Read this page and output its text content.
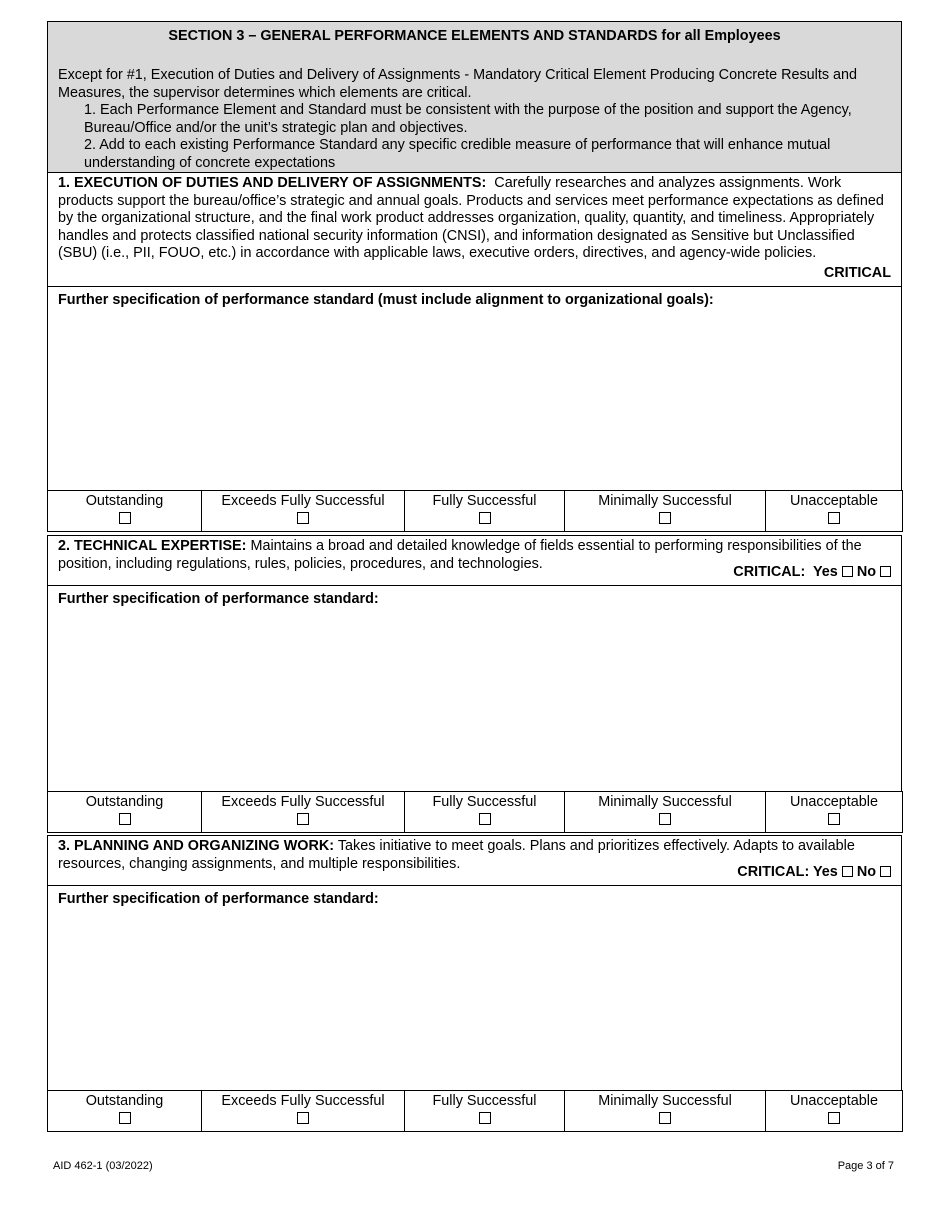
SECTION 3 – GENERAL PERFORMANCE ELEMENTS AND STANDARDS for all Employees
Except for #1, Execution of Duties and Delivery of Assignments - Mandatory Critical Element Producing Concrete Results and Measures, the supervisor determines which elements are critical.
1. Each Performance Element and Standard must be consistent with the purpose of the position and support the Agency, Bureau/Office and/or the unit’s strategic plan and objectives.
2. Add to each existing Performance Standard any specific credible measure of performance that will enhance mutual understanding of concrete expectations
1. EXECUTION OF DUTIES AND DELIVERY OF ASSIGNMENTS: Carefully researches and analyzes assignments. Work products support the bureau/office’s strategic and annual goals. Products and services meet performance expectations as defined by the organizational structure, and the final work product addresses organization, quality, quantity, and timeliness. Appropriately handles and protects classified national security information (CNSI), and information designated as Sensitive but Unclassified (SBU) (i.e., PII, FOUO, etc.) in accordance with applicable laws, executive orders, directives, and agency-wide policies.
CRITICAL
Further specification of performance standard (must include alignment to organizational goals):
Outstanding	Exceeds Fully Successful	Fully Successful	Minimally Successful	Unacceptable

2. TECHNICAL EXPERTISE: Maintains a broad and detailed knowledge of fields essential to performing responsibilities of the position, including regulations, rules, policies, procedures, and technologies.	CRITICAL: Yes No
Further specification of performance standard:
Outstanding	Exceeds Fully Successful	Fully Successful	Minimally Successful	Unacceptable

3. PLANNING AND ORGANIZING WORK: Takes initiative to meet goals. Plans and prioritizes effectively. Adapts to available resources, changing assignments, and multiple responsibilities.	CRITICAL: Yes No
Further specification of performance standard:
Outstanding	Exceeds Fully Successful	Fully Successful	Minimally Successful	Unacceptable

AID 462-1 (03/2022)	Page 3 of 7
